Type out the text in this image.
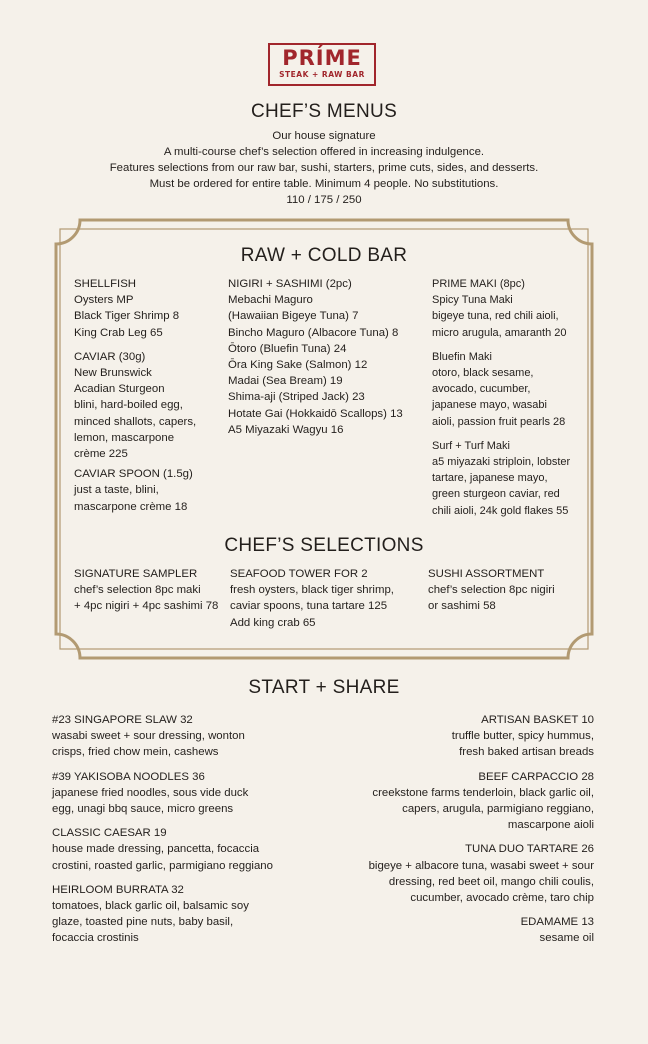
PRÍME
STEAK + RAW BAR
CHEF’S MENUS
Our house signature
A multi-course chef’s selection offered in increasing indulgence.
Features selections from our raw bar, sushi, starters, prime cuts, sides, and desserts.
Must be ordered for entire table. Minimum 4 people. No substitutions.
110 / 175 / 250
RAW + COLD BAR

SHELLFISH

Oysters MP

Black Tiger Shrimp 8

King Crab Leg 65

CAVIAR (30g)

New Brunswick

Acadian Sturgeon

blini, hard-boiled egg,

minced shallots, capers,

lemon, mascarpone

crème 225

CAVIAR SPOON (1.5g)

just a taste, blini,

mascarpone crème 18

NIGIRI + SASHIMI (2pc)

Mebachi Maguro

(Hawaiian Bigeye Tuna) 7

Bincho Maguro (Albacore Tuna) 8

Ōtoro (Bluefin Tuna) 24

Ōra King Sake (Salmon) 12

Madai (Sea Bream) 19

Shima-aji (Striped Jack) 23

Hotate Gai (Hokkaidō Scallops) 13

A5 Miyazaki Wagyu 16

PRIME MAKI (8pc)

Spicy Tuna Maki

bigeye tuna, red chili aioli,

micro arugula, amaranth 20

Bluefin Maki

otoro, black sesame,

avocado, cucumber,

japanese mayo, wasabi

aioli, passion fruit pearls 28

Surf + Turf Maki

a5 miyazaki striploin, lobster

tartare, japanese mayo,

green sturgeon caviar, red

chili aioli, 24k gold flakes 55

CHEF’S SELECTIONS

SIGNATURE SAMPLER

chef’s selection 8pc maki

+ 4pc nigiri + 4pc sashimi 78

SEAFOOD TOWER FOR 2

fresh oysters, black tiger shrimp,

caviar spoons, tuna tartare 125

Add king crab 65

SUSHI ASSORTMENT

chef’s selection 8pc nigiri

or sashimi 58

START + SHARE

#23 SINGAPORE SLAW 32

wasabi sweet + sour dressing, wonton

crisps, fried chow mein, cashews

#39 YAKISOBA NOODLES 36

japanese fried noodles, sous vide duck

egg, unagi bbq sauce, micro greens

CLASSIC CAESAR 19

house made dressing, pancetta, focaccia

crostini, roasted garlic, parmigiano reggiano

HEIRLOOM BURRATA 32

tomatoes, black garlic oil, balsamic soy

glaze, toasted pine nuts, baby basil,

focaccia crostinis

ARTISAN BASKET 10

truffle butter, spicy hummus,

fresh baked artisan breads

BEEF CARPACCIO 28

creekstone farms tenderloin, black garlic oil,

capers, arugula, parmigiano reggiano,

mascarpone aioli

TUNA DUO TARTARE 26

bigeye + albacore tuna, wasabi sweet + sour

dressing, red beet oil, mango chili coulis,

cucumber, avocado crème, taro chip

EDAMAME 13

sesame oil
